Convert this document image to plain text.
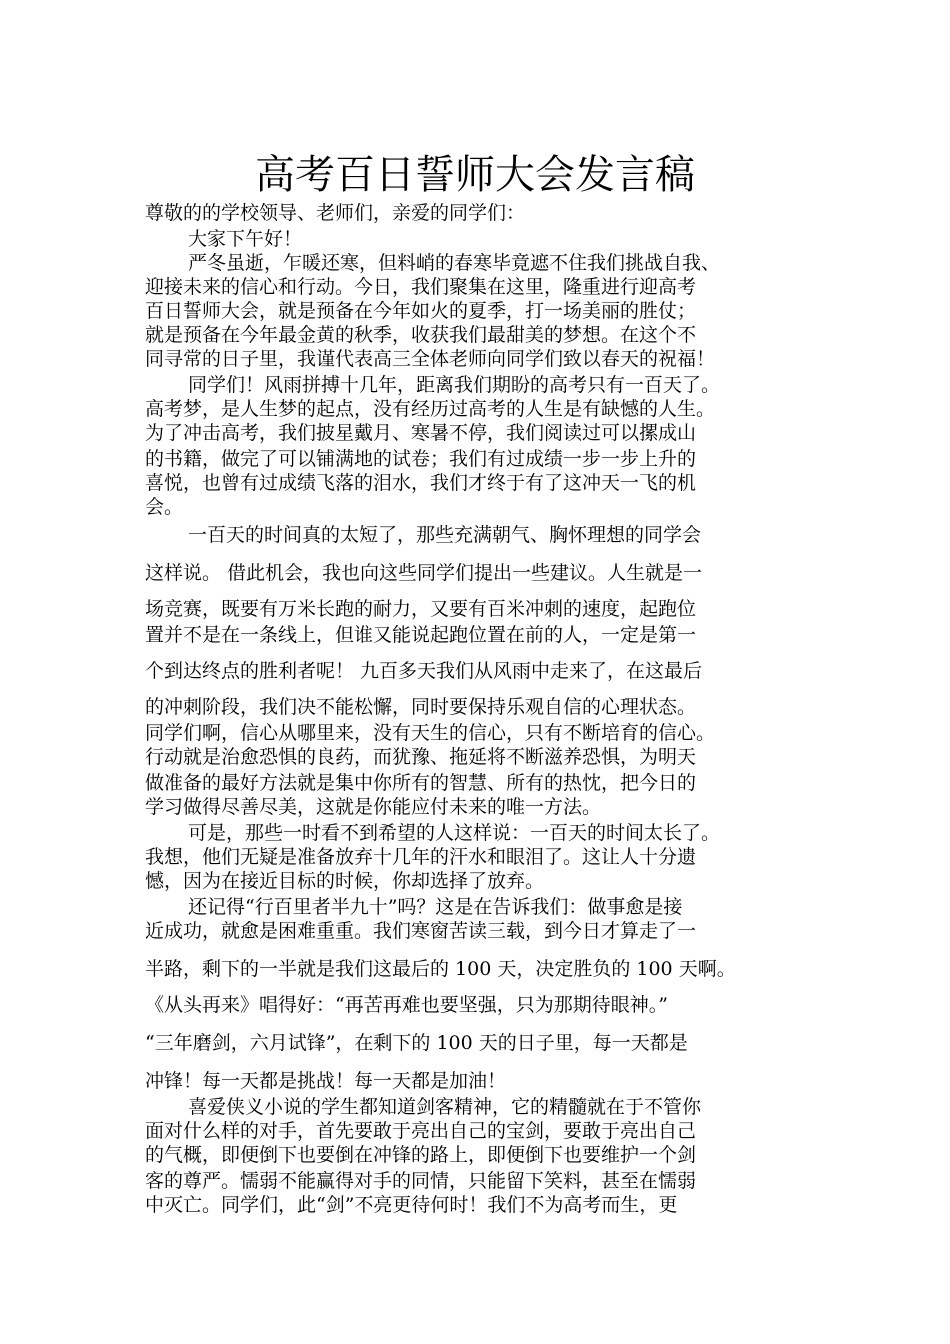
高考百日誓师大会发言稿
尊敬的的学校领导、老师们，亲爱的同学们：
大家下午好！
严冬虽逝，乍暖还寒，但料峭的春寒毕竟遮不住我们挑战自我、
迎接未来的信心和行动。今日，我们聚集在这里，隆重进行迎高考
百日誓师大会，就是预备在今年如火的夏季，打一场美丽的胜仗；
就是预备在今年最金黄的秋季，收获我们最甜美的梦想。在这个不
同寻常的日子里，我谨代表高三全体老师向同学们致以春天的祝福！
同学们！风雨拼搏十几年，距离我们期盼的高考只有一百天了。
高考梦，是人生梦的起点，没有经历过高考的人生是有缺憾的人生。
为了冲击高考，我们披星戴月、寒暑不停，我们阅读过可以摞成山
的书籍，做完了可以铺满地的试卷；我们有过成绩一步一步上升的
喜悦，也曾有过成绩飞落的泪水，我们才终于有了这冲天一飞的机
会。
一百天的时间真的太短了，那些充满朝气、胸怀理想的同学会
这样说。 借此机会，我也向这些同学们提出一些建议。人生就是一
场竞赛，既要有万米长跑的耐力，又要有百米冲刺的速度，起跑位
置并不是在一条线上，但谁又能说起跑位置在前的人，一定是第一
个到达终点的胜利者呢！ 九百多天我们从风雨中走来了，在这最后
的冲刺阶段，我们决不能松懈，同时要保持乐观自信的心理状态。
同学们啊，信心从哪里来，没有天生的信心，只有不断培育的信心。
行动就是治愈恐惧的良药，而犹豫、拖延将不断滋养恐惧，为明天
做准备的最好方法就是集中你所有的智慧、所有的热忱，把今日的
学习做得尽善尽美，这就是你能应付未来的唯一方法。
可是，那些一时看不到希望的人这样说：一百天的时间太长了。
我想，他们无疑是准备放弃十几年的汗水和眼泪了。这让人十分遗
憾，因为在接近目标的时候，你却选择了放弃。
还记得“行百里者半九十”吗？这是在告诉我们：做事愈是接
近成功，就愈是困难重重。我们寒窗苦读三载，到今日才算走了一
半路，剩下的一半就是我们这最后的 100 天，决定胜负的 100 天啊。
《从头再来》唱得好：“再苦再难也要坚强，只为那期待眼神。”
“三年磨剑，六月试锋”，在剩下的 100 天的日子里，每一天都是
冲锋！每一天都是挑战！每一天都是加油！
喜爱侠义小说的学生都知道剑客精神，它的精髓就在于不管你
面对什么样的对手，首先要敢于亮出自己的宝剑，要敢于亮出自己
的气概，即便倒下也要倒在冲锋的路上，即便倒下也要维护一个剑
客的尊严。懦弱不能赢得对手的同情，只能留下笑料，甚至在懦弱
中灭亡。同学们，此“剑”不亮更待何时！我们不为高考而生，更
